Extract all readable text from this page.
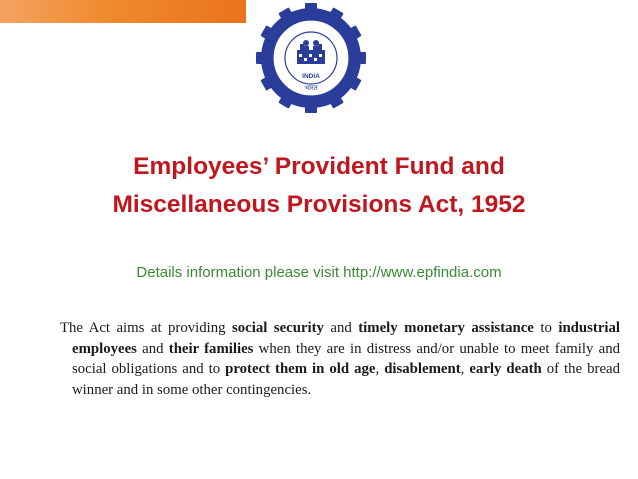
INDIA
भारत
Employees’ Provident Fund and
Miscellaneous Provisions Act, 1952
Details information please visit http://www.epfindia.com
The Act aims at providing social security and timely monetary assistance to industrial employees and their families when they are in distress and/or unable to meet family and social obligations and to protect them in old age, disablement, early death of the bread winner and in some other contingencies.
